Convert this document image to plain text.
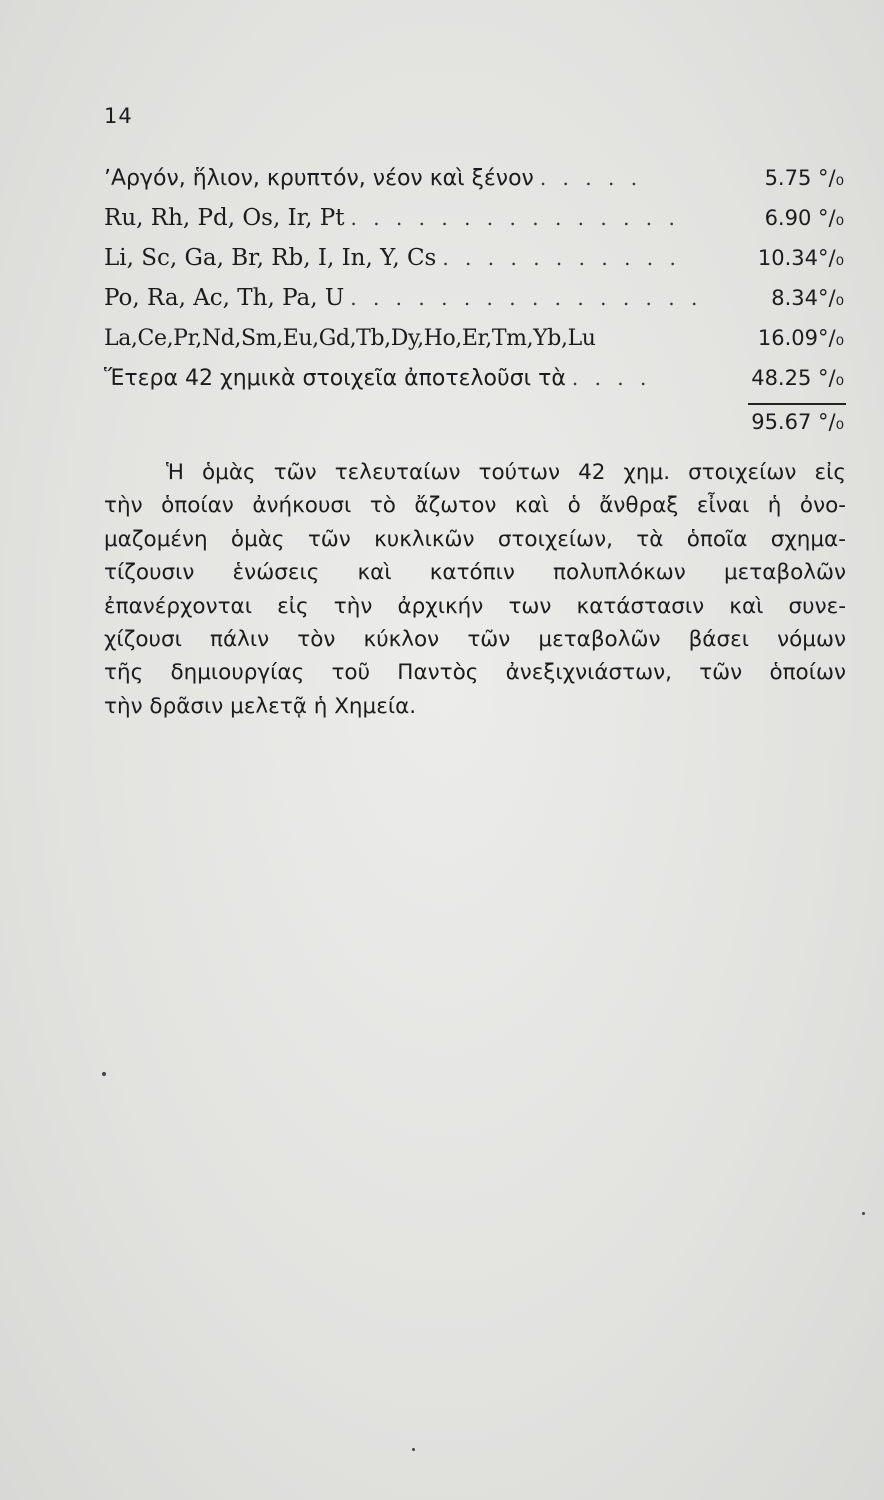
14
ʼΑργόν, ἥλιον, κρυπτόν, νέον καὶ ξένον . . . . .	5.75 °/₀
Ru, Rh, Pd, Os, Ir, Pt . . . . . . . . . . . . . . .	6.90 °/₀
Li, Sc, Ga, Br, Rb, I, In, Y, Cs . . . . . . . . . . .	10.34°/₀
Po, Ra, Ac, Th, Pa, U . . . . . . . . . . . . . . . .	8.34°/₀
La,Ce,Pr,Nd,Sm,Eu,Gd,Tb,Dy,Ho,Er,Tm,Yb,Lu	16.09°/₀
Ἕτερα 42 χημικὰ στοιχεῖα ἀποτελοῦσι τὰ . . . .	48.25 °/₀
95.67 °/₀
Ἡ ὁμὰς τῶν τελευταίων τούτων 42 χημ. στοιχείων εἰς
τὴν ὁποίαν ἀνήκουσι τὸ ἄζωτον καὶ ὁ ἄνθραξ εἶναι ἡ ὀνο-
μαζομένη ὁμὰς τῶν κυκλικῶν στοιχείων, τὰ ὁποῖα σχημα-
τίζουσιν ἑνώσεις καὶ κατόπιν πολυπλόκων μεταβολῶν
ἐπανέρχονται εἰς τὴν ἀρχικήν των κατάστασιν καὶ συνε-
χίζουσι πάλιν τὸν κύκλον τῶν μεταβολῶν βάσει νόμων
τῆς δημιουργίας τοῦ Παντὸς ἀνεξιχνιάστων, τῶν ὁποίων
τὴν δρᾶσιν μελετᾷ ἡ Χημεία.
